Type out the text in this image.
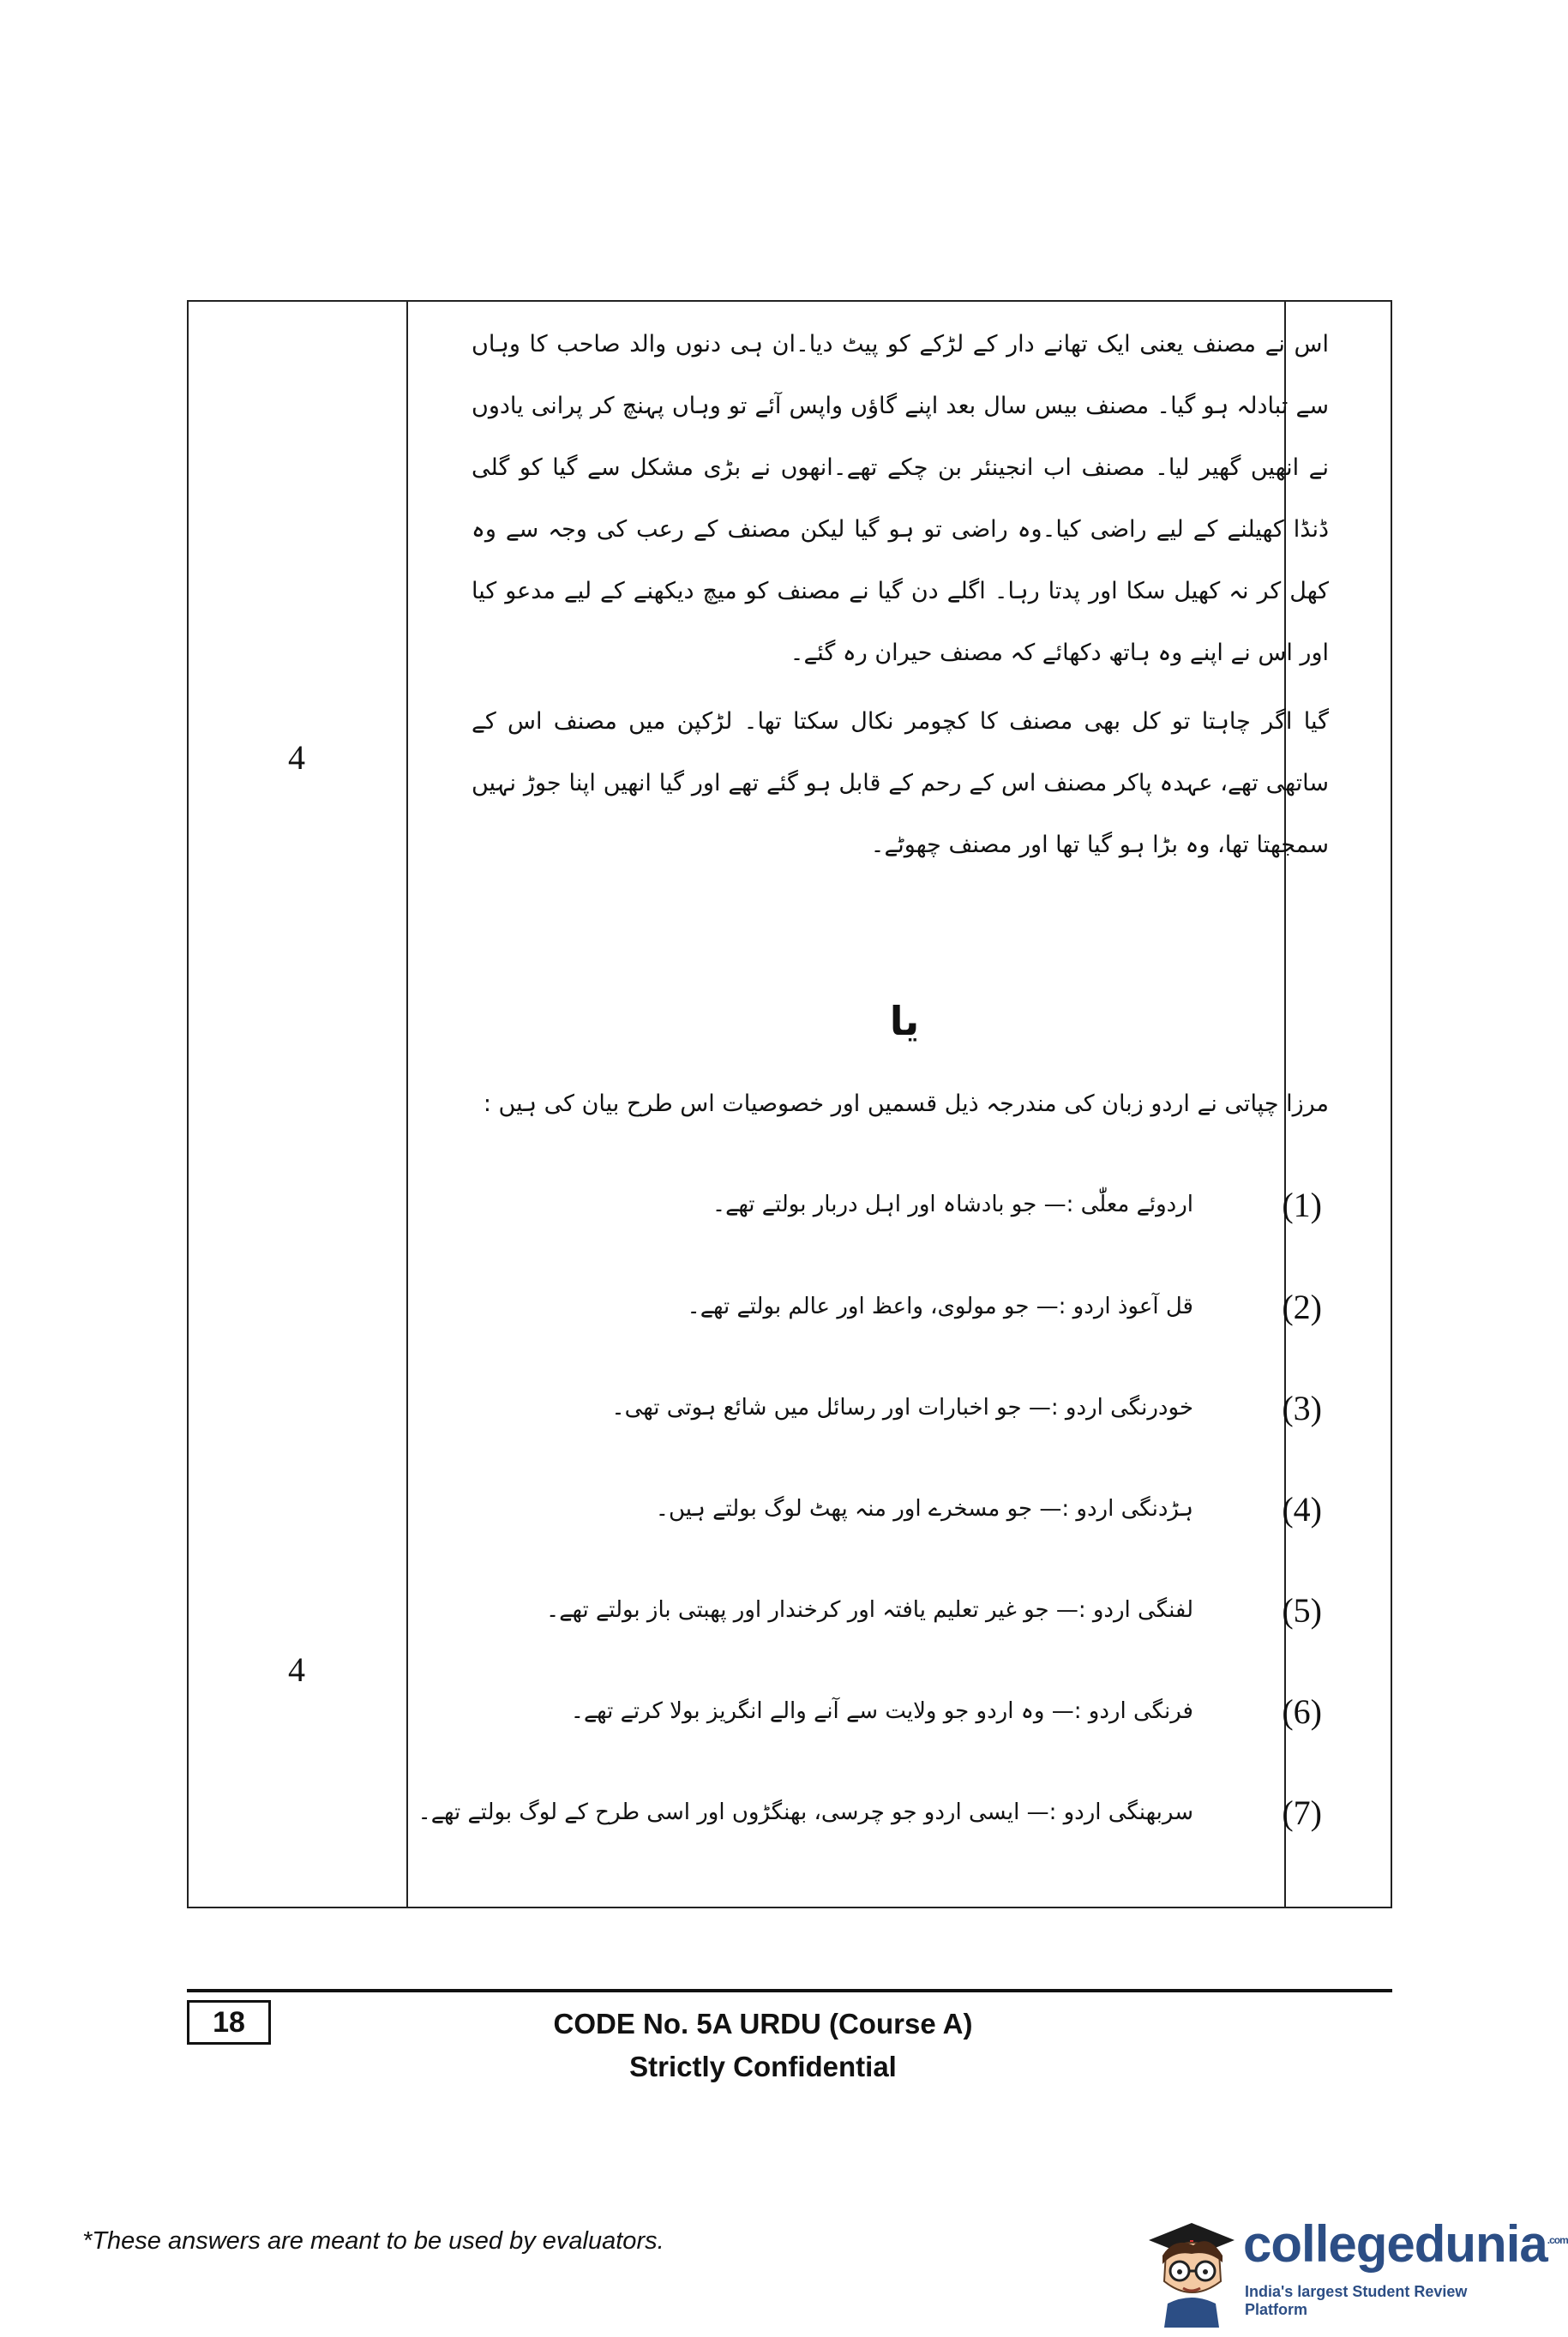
4
4

اس نے مصنف یعنی ایک تھانے دار کے لڑکے کو پیٹ دیا۔ان ہی دنوں والد صاحب کا وہاں سے تبادلہ ہو گیا۔ مصنف بیس سال بعد اپنے گاؤں واپس آئے تو وہاں پہنچ کر پرانی یادوں نے انھیں گھیر لیا۔ مصنف اب انجینئر بن چکے تھے۔انھوں نے بڑی مشکل سے گیا کو گلی ڈنڈا کھیلنے کے لیے راضی کیا۔وہ راضی تو ہو گیا لیکن مصنف کے رعب کی وجہ سے وہ کھل کر نہ کھیل سکا اور پدتا رہا۔ اگلے دن گیا نے مصنف کو میچ دیکھنے کے لیے مدعو کیا اور اس نے اپنے وہ ہاتھ دکھائے کہ مصنف حیران رہ گئے۔

گیا اگر چاہتا تو کل بھی مصنف کا کچومر نکال سکتا تھا۔ لڑکپن میں مصنف اس کے ساتھی تھے، عہدہ پاکر مصنف اس کے رحم کے قابل ہو گئے تھے اور گیا انھیں اپنا جوڑ نہیں سمجھتا تھا، وہ بڑا ہو گیا تھا اور مصنف چھوٹے۔

یا
مرزا چپاتی نے اردو زبان کی مندرجہ ذیل قسمیں اور خصوصیات اس طرح بیان کی ہیں :
(1)
اردوئے معلّٰی :— جو بادشاہ اور اہل دربار بولتے تھے۔
(2)
قل آعوذ اردو :— جو مولوی، واعظ اور عالم بولتے تھے۔
(3)
خودرنگی اردو :— جو اخبارات اور رسائل میں شائع ہوتی تھی۔
(4)
ہڑدنگی اردو :— جو مسخرے اور منہ پھٹ لوگ بولتے ہیں۔
(5)
لفنگی اردو :— جو غیر تعلیم یافتہ اور کرخندار اور پھبتی باز بولتے تھے۔
(6)
فرنگی اردو :— وہ اردو جو ولایت سے آنے والے انگریز بولا کرتے تھے۔
(7)
سربھنگی اردو :— ایسی اردو جو چرسی، بھنگڑوں اور اسی طرح کے لوگ بولتے تھے۔
18	CODE No. 5A URDU (Course A)
Strictly Confidential
*These answers are meant to be used by evaluators.	collegedunia$^{.com}$
India's largest Student Review Platform
